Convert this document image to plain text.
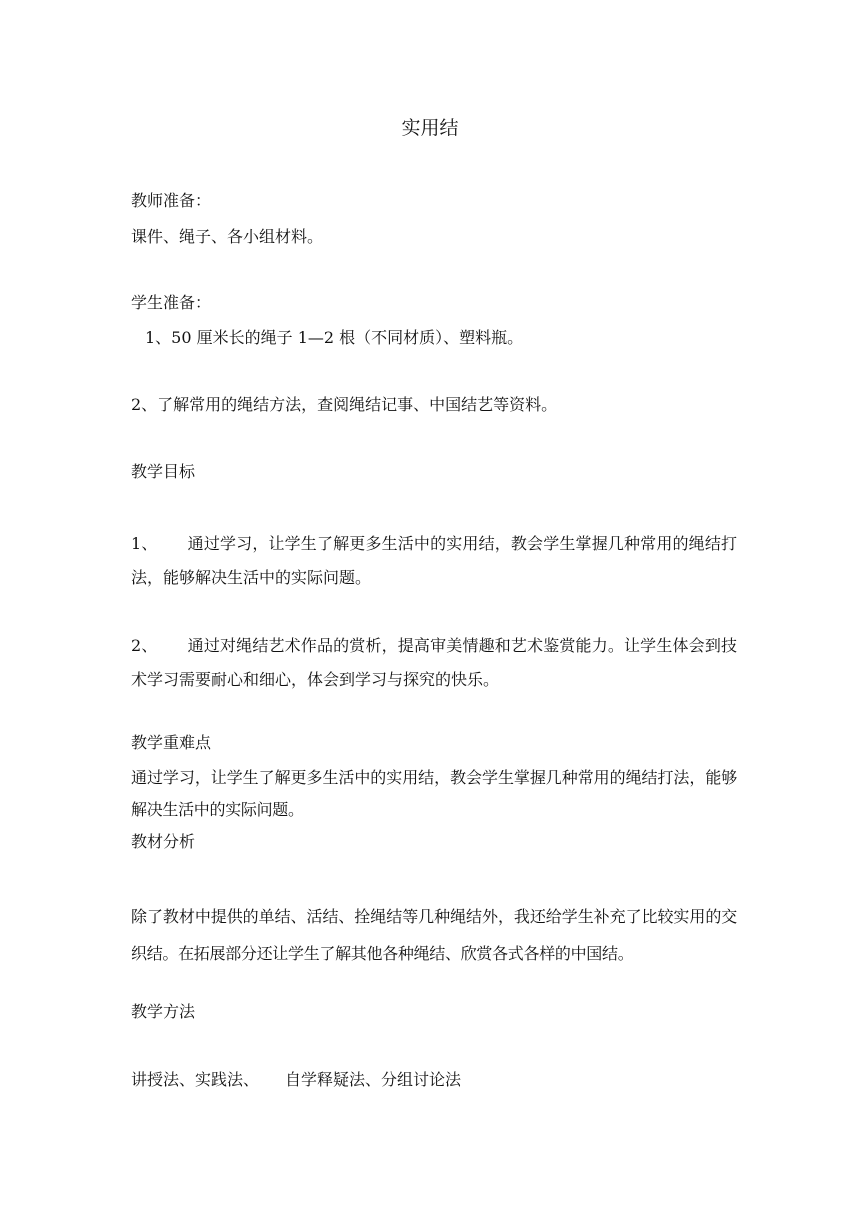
实用结
教师准备：
课件、绳子、各小组材料。
学生准备：
1、50 厘米长的绳子 1—2 根（不同材质）、塑料瓶。
2、了解常用的绳结方法，查阅绳结记事、中国结艺等资料。
教学目标
1、 通过学习，让学生了解更多生活中的实用结，教会学生掌握几种常用的绳结打法，能够解决生活中的实际问题。
2、 通过对绳结艺术作品的赏析，提高审美情趣和艺术鉴赏能力。让学生体会到技术学习需要耐心和细心，体会到学习与探究的快乐。
教学重难点
通过学习，让学生了解更多生活中的实用结，教会学生掌握几种常用的绳结打法，能够解决生活中的实际问题。
教材分析
除了教材中提供的单结、活结、拴绳结等几种绳结外，我还给学生补充了比较实用的交织结。在拓展部分还让学生了解其他各种绳结、欣赏各式各样的中国结。
教学方法
讲授法、实践法、 自学释疑法、分组讨论法
